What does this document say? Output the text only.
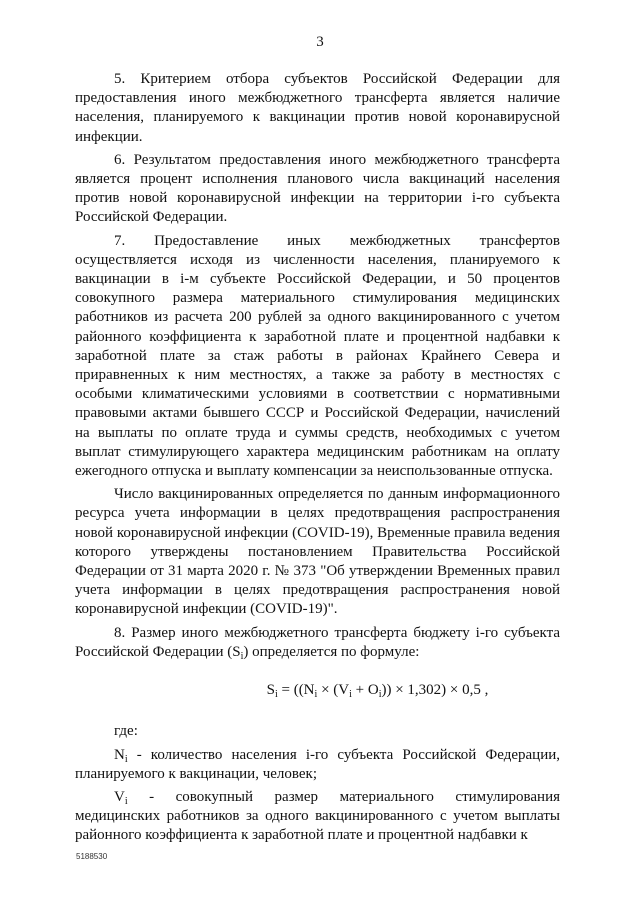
3

5. Критерием отбора субъектов Российской Федерации для предоставления иного межбюджетного трансферта является наличие населения, планируемого к вакцинации против новой коронавирусной инфекции.

6. Результатом предоставления иного межбюджетного трансферта является процент исполнения планового числа вакцинаций населения против новой коронавирусной инфекции на территории i-го субъекта Российской Федерации.

7. Предоставление иных межбюджетных трансфертов осуществляется исходя из численности населения, планируемого к вакцинации в i-м субъекте Российской Федерации, и 50 процентов совокупного размера материального стимулирования медицинских работников из расчета 200 рублей за одного вакцинированного с учетом районного коэффициента к заработной плате и процентной надбавки к заработной плате за стаж работы в районах Крайнего Севера и приравненных к ним местностях, а также за работу в местностях с особыми климатическими условиями в соответствии с нормативными правовыми актами бывшего СССР и Российской Федерации, начислений на выплаты по оплате труда и суммы средств, необходимых с учетом выплат стимулирующего характера медицинским работникам на оплату ежегодного отпуска и выплату компенсации за неиспользованные отпуска.

Число вакцинированных определяется по данным информационного ресурса учета информации в целях предотвращения распространения новой коронавирусной инфекции (COVID-19), Временные правила ведения которого утверждены постановлением Правительства Российской Федерации от 31 марта 2020 г. № 373 "Об утверждении Временных правил учета информации в целях предотвращения распространения новой коронавирусной инфекции (COVID-19)".

8. Размер иного межбюджетного трансферта бюджету i-го субъекта Российской Федерации $(S_i)$ определяется по формуле:

$S_i = ((N_i \times (V_i + O_i)) \times 1,302) \times 0,5$ ,

где:

$N_i$ - количество населения i-го субъекта Российской Федерации, планируемого к вакцинации, человек;

$V_i$ - совокупный размер материального стимулирования медицинских работников за одного вакцинированного с учетом выплаты районного коэффициента к заработной плате и процентной надбавки к

5188530
